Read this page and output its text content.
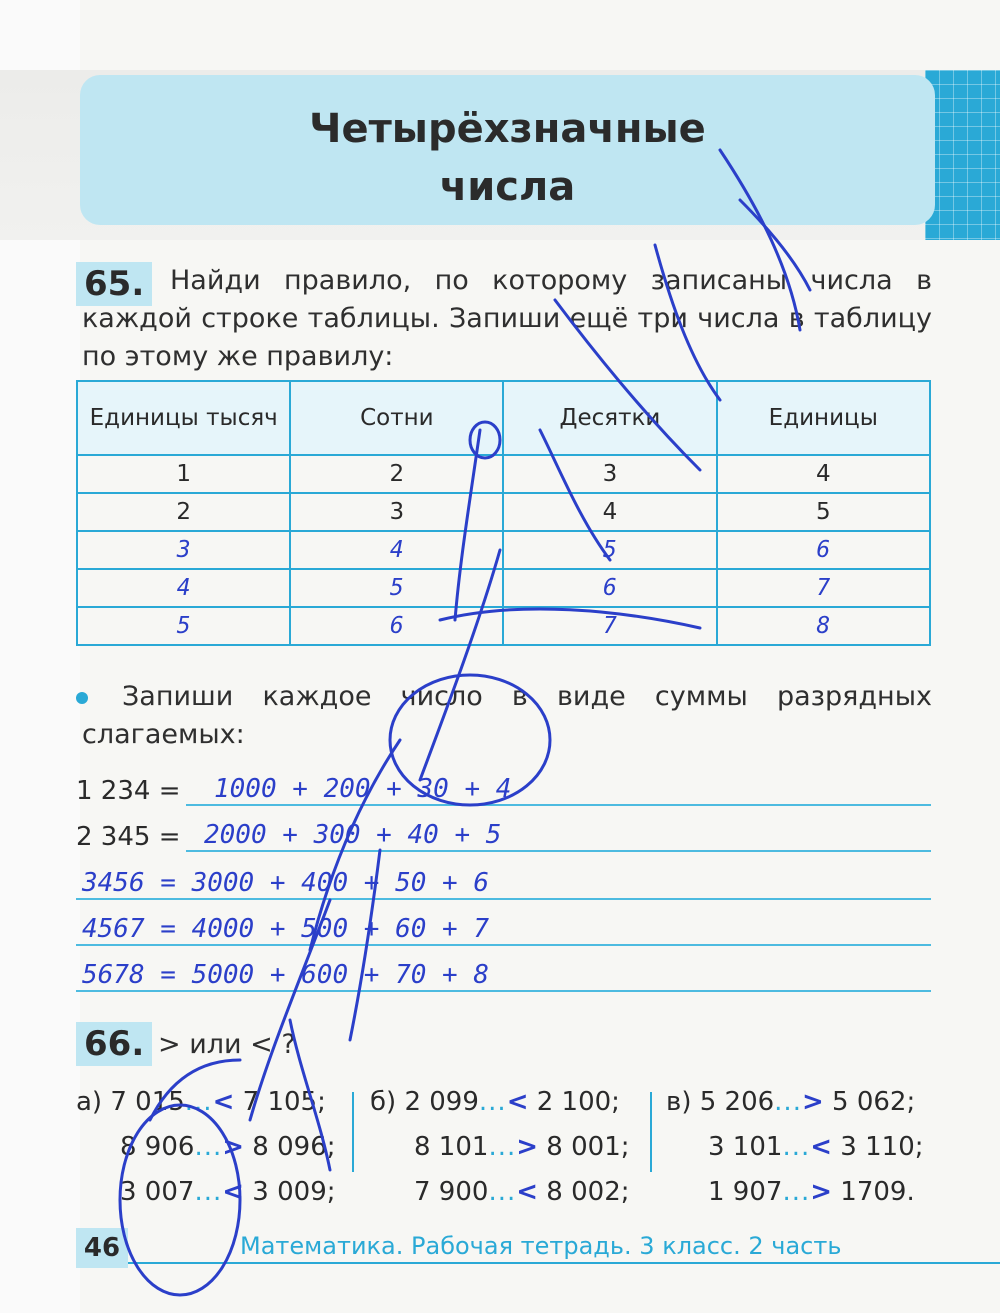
Четырёхзначные
числа
65. Найди правило, по которому записаны числа в каждой строке таблицы. Запиши ещё три числа в таблицу по этому же правилу:
Единицы тысяч	Сотни	Десятки	Единицы
1	2	3	4
2	3	4	5
3	4	5	6
4	5	6	7
5	6	7	8
Запиши каждое число в виде суммы разрядных слагаемых:
1 234 = 1000 + 200 + 30 + 4
2 345 = 2000 + 300 + 40 + 5
3456 = 3000 + 400 + 50 + 6
4567 = 4000 + 500 + 60 + 7
5678 = 5000 + 600 + 70 + 8
66. > или < ?
а) 7 015...< 7 105;
8 906...> 8 096;
3 007...< 3 009;
б) 2 099...< 2 100;
8 101...> 8 001;
7 900...< 8 002;
в) 5 206...> 5 062;
3 101...< 3 110;
1 907...> 1709.
46	Математика. Рабочая тетрадь. 3 класс. 2 часть
